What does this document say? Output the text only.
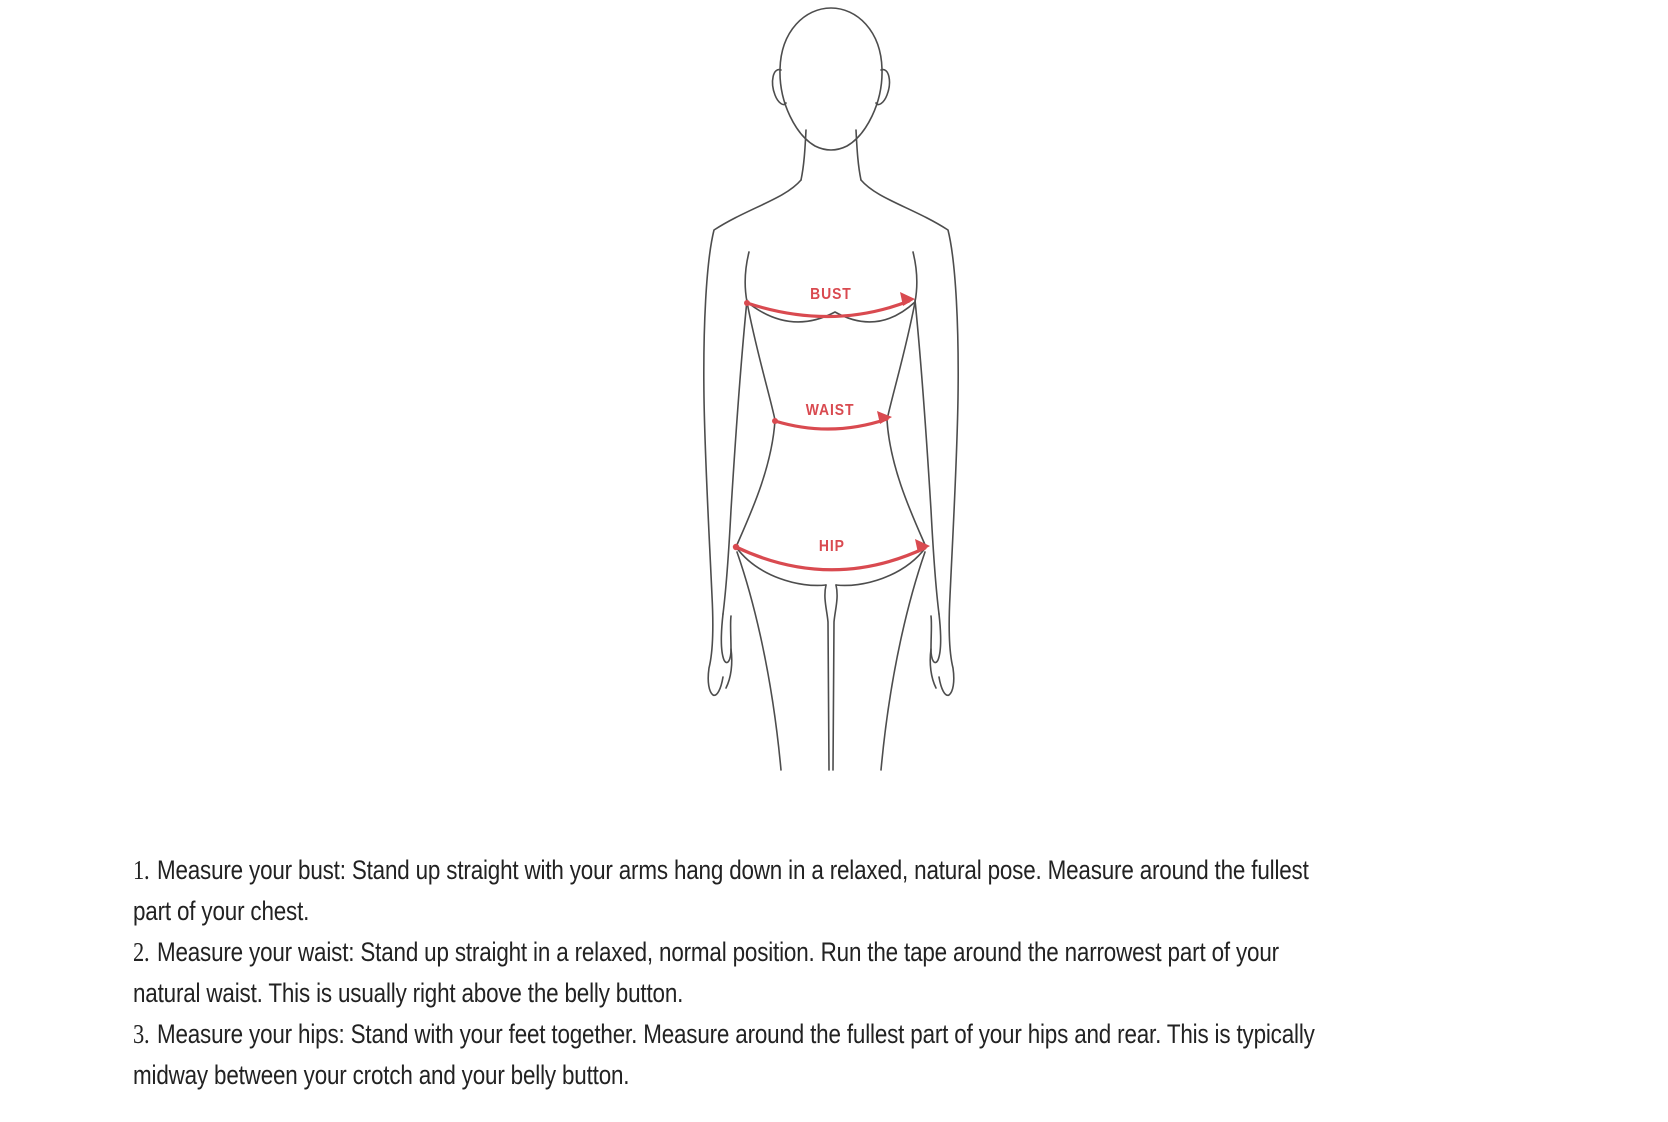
BUST
WAIST
HIP

1. Measure your bust: Stand up straight with your arms hang down in a relaxed, natural pose. Measure around the fullest
part of your chest.

2. Measure your waist: Stand up straight in a relaxed, normal position. Run the tape around the narrowest part of your
natural waist. This is usually right above the belly button.

3. Measure your hips: Stand with your feet together. Measure around the fullest part of your hips and rear. This is typically
midway between your crotch and your belly button.
